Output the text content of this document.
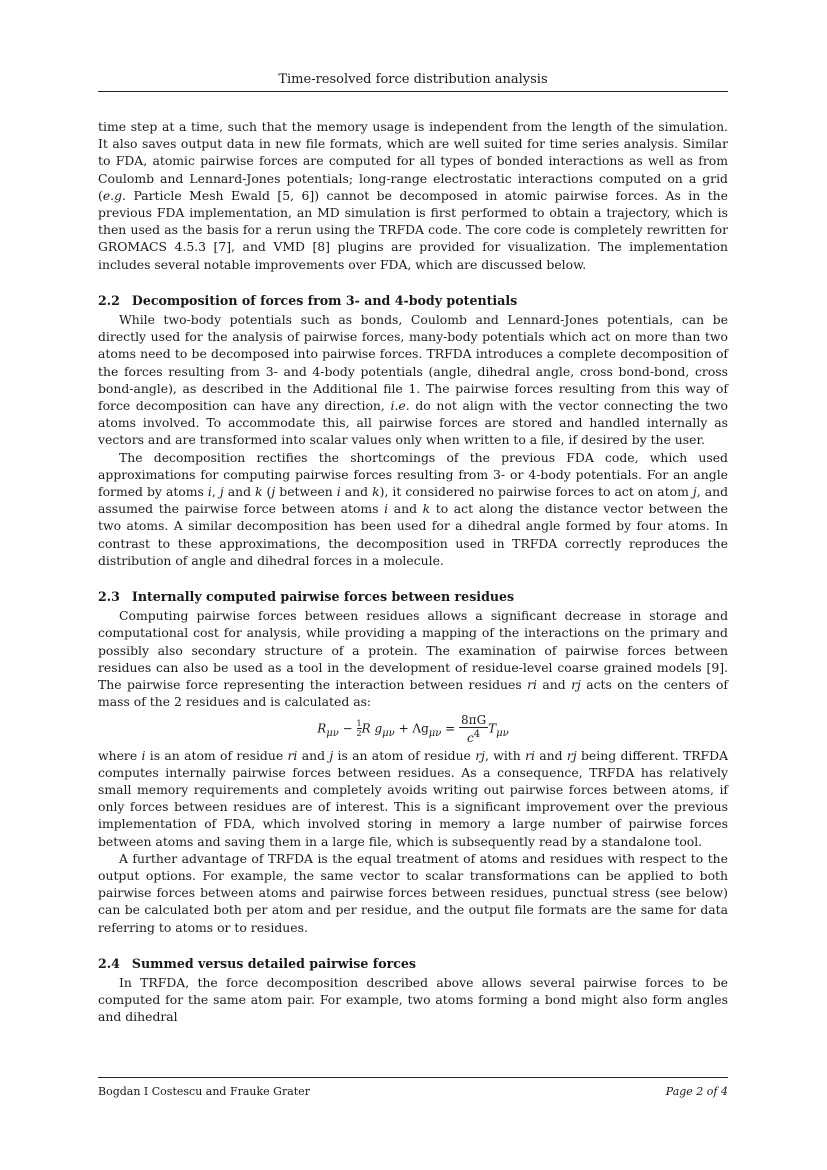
Time-resolved force distribution analysis

time step at a time, such that the memory usage is independent from the length of the simulation. It also saves output data in new file formats, which are well suited for time series analysis. Similar to FDA, atomic pairwise forces are computed for all types of bonded interactions as well as from Coulomb and Lennard-Jones potentials; long-range electrostatic interactions computed on a grid (e.g. Particle Mesh Ewald [5, 6]) cannot be decomposed in atomic pairwise forces. As in the previous FDA implementation, an MD simulation is first performed to obtain a trajectory, which is then used as the basis for a rerun using the TRFDA code. The core code is completely rewritten for GROMACS 4.5.3 [7], and VMD [8] plugins are provided for visualization. The implementation includes several notable improvements over FDA, which are discussed below.

2.2 Decomposition of forces from 3- and 4-body potentials

While two-body potentials such as bonds, Coulomb and Lennard-Jones potentials, can be directly used for the analysis of pairwise forces, many-body potentials which act on more than two atoms need to be decomposed into pairwise forces. TRFDA introduces a complete decomposition of the forces resulting from 3- and 4-body potentials (angle, dihedral angle, cross bond-bond, cross bond-angle), as described in the Additional file 1. The pairwise forces resulting from this way of force decomposition can have any direction, i.e. do not align with the vector connecting the two atoms involved. To accommodate this, all pairwise forces are stored and handled internally as vectors and are transformed into scalar values only when written to a file, if desired by the user.

The decomposition rectifies the shortcomings of the previous FDA code, which used approximations for computing pairwise forces resulting from 3- or 4-body potentials. For an angle formed by atoms i, j and k (j between i and k), it considered no pairwise forces to act on atom j, and assumed the pairwise force between atoms i and k to act along the distance vector between the two atoms. A similar decomposition has been used for a dihedral angle formed by four atoms. In contrast to these approximations, the decomposition used in TRFDA correctly reproduces the distribution of angle and dihedral forces in a molecule.

2.3 Internally computed pairwise forces between residues

Computing pairwise forces between residues allows a significant decrease in storage and computational cost for analysis, while providing a mapping of the interactions on the primary and possibly also secondary structure of a protein. The examination of pairwise forces between residues can also be used as a tool in the development of residue-level coarse grained models [9]. The pairwise force representing the interaction between residues ri and rj acts on the centers of mass of the 2 residues and is calculated as:

$R_{\mu\nu} - \frac{1}{2}R$ $g_{\mu\nu} + \Lambda g_{\mu\nu} = \frac{8\pi G}{c^4} T_{\mu\nu}$

where i is an atom of residue ri and j is an atom of residue rj, with ri and rj being different. TRFDA computes internally pairwise forces between residues. As a consequence, TRFDA has relatively small memory requirements and completely avoids writing out pairwise forces between atoms, if only forces between residues are of interest. This is a significant improvement over the previous implementation of FDA, which involved storing in memory a large number of pairwise forces between atoms and saving them in a large file, which is subsequently read by a standalone tool.

A further advantage of TRFDA is the equal treatment of atoms and residues with respect to the output options. For example, the same vector to scalar transformations can be applied to both pairwise forces between atoms and pairwise forces between residues, punctual stress (see below) can be calculated both per atom and per residue, and the output file formats are the same for data referring to atoms or to residues.

2.4 Summed versus detailed pairwise forces

In TRFDA, the force decomposition described above allows several pairwise forces to be computed for the same atom pair. For example, two atoms forming a bond might also form angles and dihedral

Bogdan I Costescu and Frauke Grater	Page 2 of 4
